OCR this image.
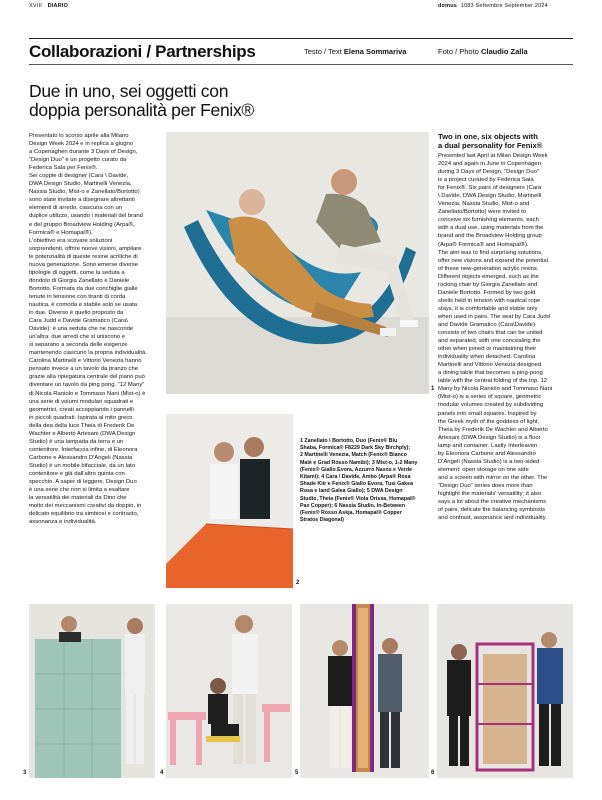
XVIII DIARIO	domus 1083 Settembre September 2024
Collaborazioni / Partnerships	Testo / Text Elena Sommariva	Foto / Photo Claudio Zalla
Due in uno, sei oggetti con
doppia personalità per Fenix®
Presentato lo scorso aprile alla Milano
Design Week 2024 e in replica a giugno
a Copenaghen durante 3 Days of Design,
“Design Duo” è un progetto curato da
Federica Sala per Fenix®.
Sei coppie di designer (Cara \ Davide,
DWA Design Studio, Martinelli Venezia,
Nassia Studio, Mist-o e Zanellato/Bortotto)
sono state invitate a disegnare altrettanti
elementi di arredo, ciascuna con un
duplice utilizzo, usando i materiali del brand
e del gruppo Broadview Holding (Arpa®,
Formica® e Homapal®).
L'obiettivo era scovare soluzioni
sorprendenti, offrire nuove visioni, ampliare
le potenzialità di queste resine acriliche di
nuova generazione. Sono emerse diverse
tipologie di oggetti, come la seduta a
dondolo di Giorgia Zanellato e Daniele
Bortotto. Formata da due conchiglie gialle
tenute in tensione con tiranti di corda
nautica, è comoda e stabile solo se usata
in due. Diverso è quello proposto da
Cara Judd e Davide Gramatico (Cara\
Davide): è una seduta che ne nasconde
un'altra: due arredi che si uniscono e
si separano a seconda delle esigenze
mantenendo ciascuno la propria individualità.
Carolina Martinelli e Vittorio Venezia hanno
pensato invece a un tavolo da pranzo che
grazie alla ripiegatura centrale del piano può
diventare un tavolo da ping pong. “12 Many”
di Nicola Raniolo e Tommaso Nani (Mist-o) è
una serie di volumi modulari squadrati e
geometrici, creati accoppiando i pannelli
in piccoli quadrati. Ispirata al mito greco
della dea della luce Theia di Frederik De
Wachter e Alberto Artesani (DWA Design
Studio) è una lampada da terra e un
contenitore. Interfaccia infine, di Eleonora
Carbone e Alessandro D'Angeli (Nassia
Studio) è un mobile bifacciale, da un lato
contenitore e già dall'altro quinta con
specchio. A saper di leggere, Design Duo
è una serie che non si limita a esaltare
la versatilità dei materiali da Dino che
molto dei meccanismi creativi da doppio, in
delicato equilibrio tra simbiosi e contrasto,
assonanza e individualità.
1

Two in one, six objects with
a dual personality for Fenix®

Presented last April at Milan Design Week
2024 and again in June in Copenhagen
during 3 Days of Design, “Design Duo”
is a project curated by Federica Sala
for Fenix®. Six pairs of designers (Cara
\ Davide, DWA Design Studio, Martinelli
Venezia, Nassia Studio, Mist-o and
Zanellato/Bortotto) were invited to
conceive six furnishing elements, each
with a dual use, using materials from the
brand and the Broadview Holding group
(Arpa® Formica® and Homapal®).
The aim was to find surprising solutions,
offer new visions and expand the potential
of these new-generation acrylic resins.
Different objects emerged, such as the
rocking chair by Giorgia Zanellato and
Daniele Bortotto. Formed by two gold
shells held in tension with nautical rope
stays, it is comfortable and stable only
when used in pairs. The seat by Cara Judd
and Davide Gramatico (Cara\Davide)
consists of two chairs that can be united
and separated, with one concealing the
other when joined or maintaining their
individuality when detached. Carolina
Martinelli and Vittorio Venezia designed
a dining table that becomes a ping-pong
table with the central folding of the top. 12
Many by Nicola Raniolo and Tommaso Nani
(Mist-o) is a series of square, geometric
modular volumes created by subdividing
panels into small squares. Inspired by
the Greek myth of the goddess of light,
Theia by Frederik De Wachter and Alberto
Artesani (DWA Design Studio) is a floor
lamp and container. Lastly Interleaven
by Eleonora Carbone and Alessandro
D'Angeli (Nassia Studio) is a two-sided
element: open storage on one side
and a screen with mirror on the other. The
“Design Duo” series does more than
highlight the materials' versatility; it also
says a lot about the creative mechanisms
of pairs, delicate the balancing symbiosis
and contrast, assonance and individuality.
2
1 Zanellato \ Bortotto, Duo (Fenix® Blu
Shaba, Formica® F8229 Dark Sky Birchply);
2 Martinelli Venezia, Match (Fenix® Bianco
Malé e Grad Rosso Namibi); 3 Mist-o, 1-2 Many
(Fenix® Giallo Evora, Azzurro Naxos e Verde
Kitami); 4 Cara \ Davide, Ambo (Arpa® Rosa
Shade Kiir e Fenix® Giallo Evora, Tusi Gakea
Rosa e land Galea Giallo); 5 DWA Design
Studio, Theia (Fenix® Viola Orissa, Homapal®
Pax Copper); 6 Nassia Studio, In-Between
(Fenix® Rosso Askja, Homapal® Copper
Stratos Diagonal)
3	4	5	6
